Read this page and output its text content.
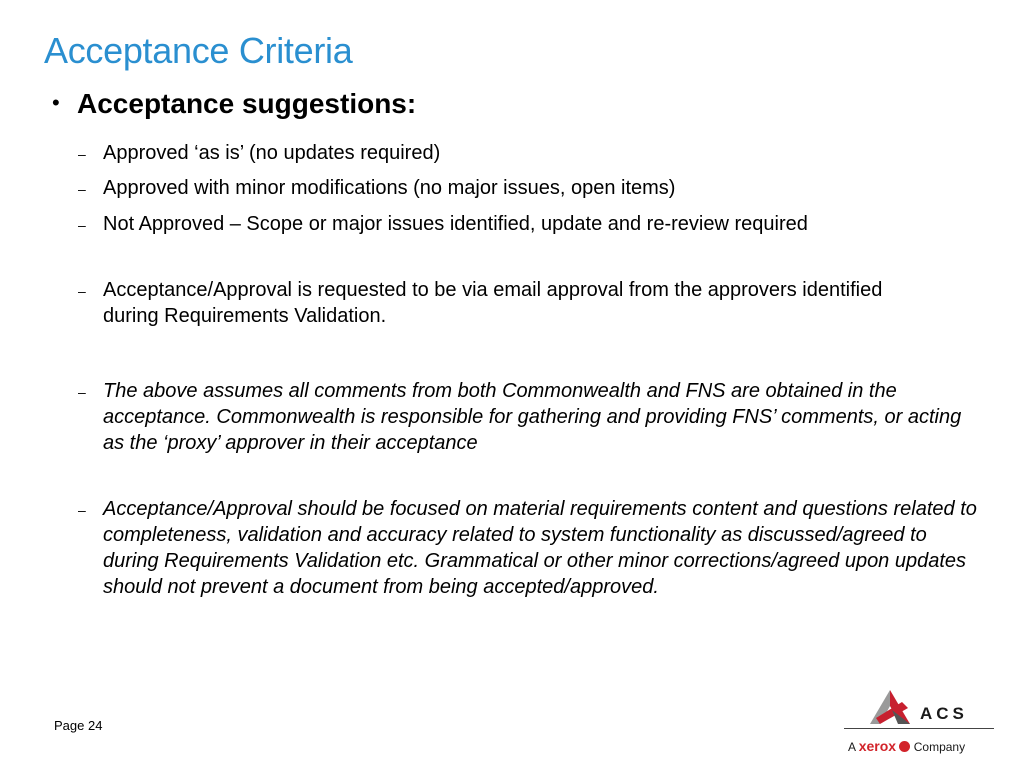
Acceptance Criteria
• Acceptance suggestions:
– Approved ‘as is’ (no updates required)
– Approved with minor modifications (no major issues, open items)
– Not Approved – Scope or major issues identified, update and re-review required
– Acceptance/Approval is requested to be via email approval from the approvers identified during Requirements Validation.
– The above assumes all comments from both Commonwealth and FNS are obtained in the acceptance. Commonwealth is responsible for gathering and providing FNS’ comments, or acting as the ‘proxy’ approver in their acceptance
– Acceptance/Approval should be focused on material requirements content and questions related to completeness, validation and accuracy related to system functionality as discussed/agreed to during Requirements Validation etc. Grammatical or other minor corrections/agreed upon updates should not prevent a document from being accepted/approved.
Page 24
ACS
A xerox Company
